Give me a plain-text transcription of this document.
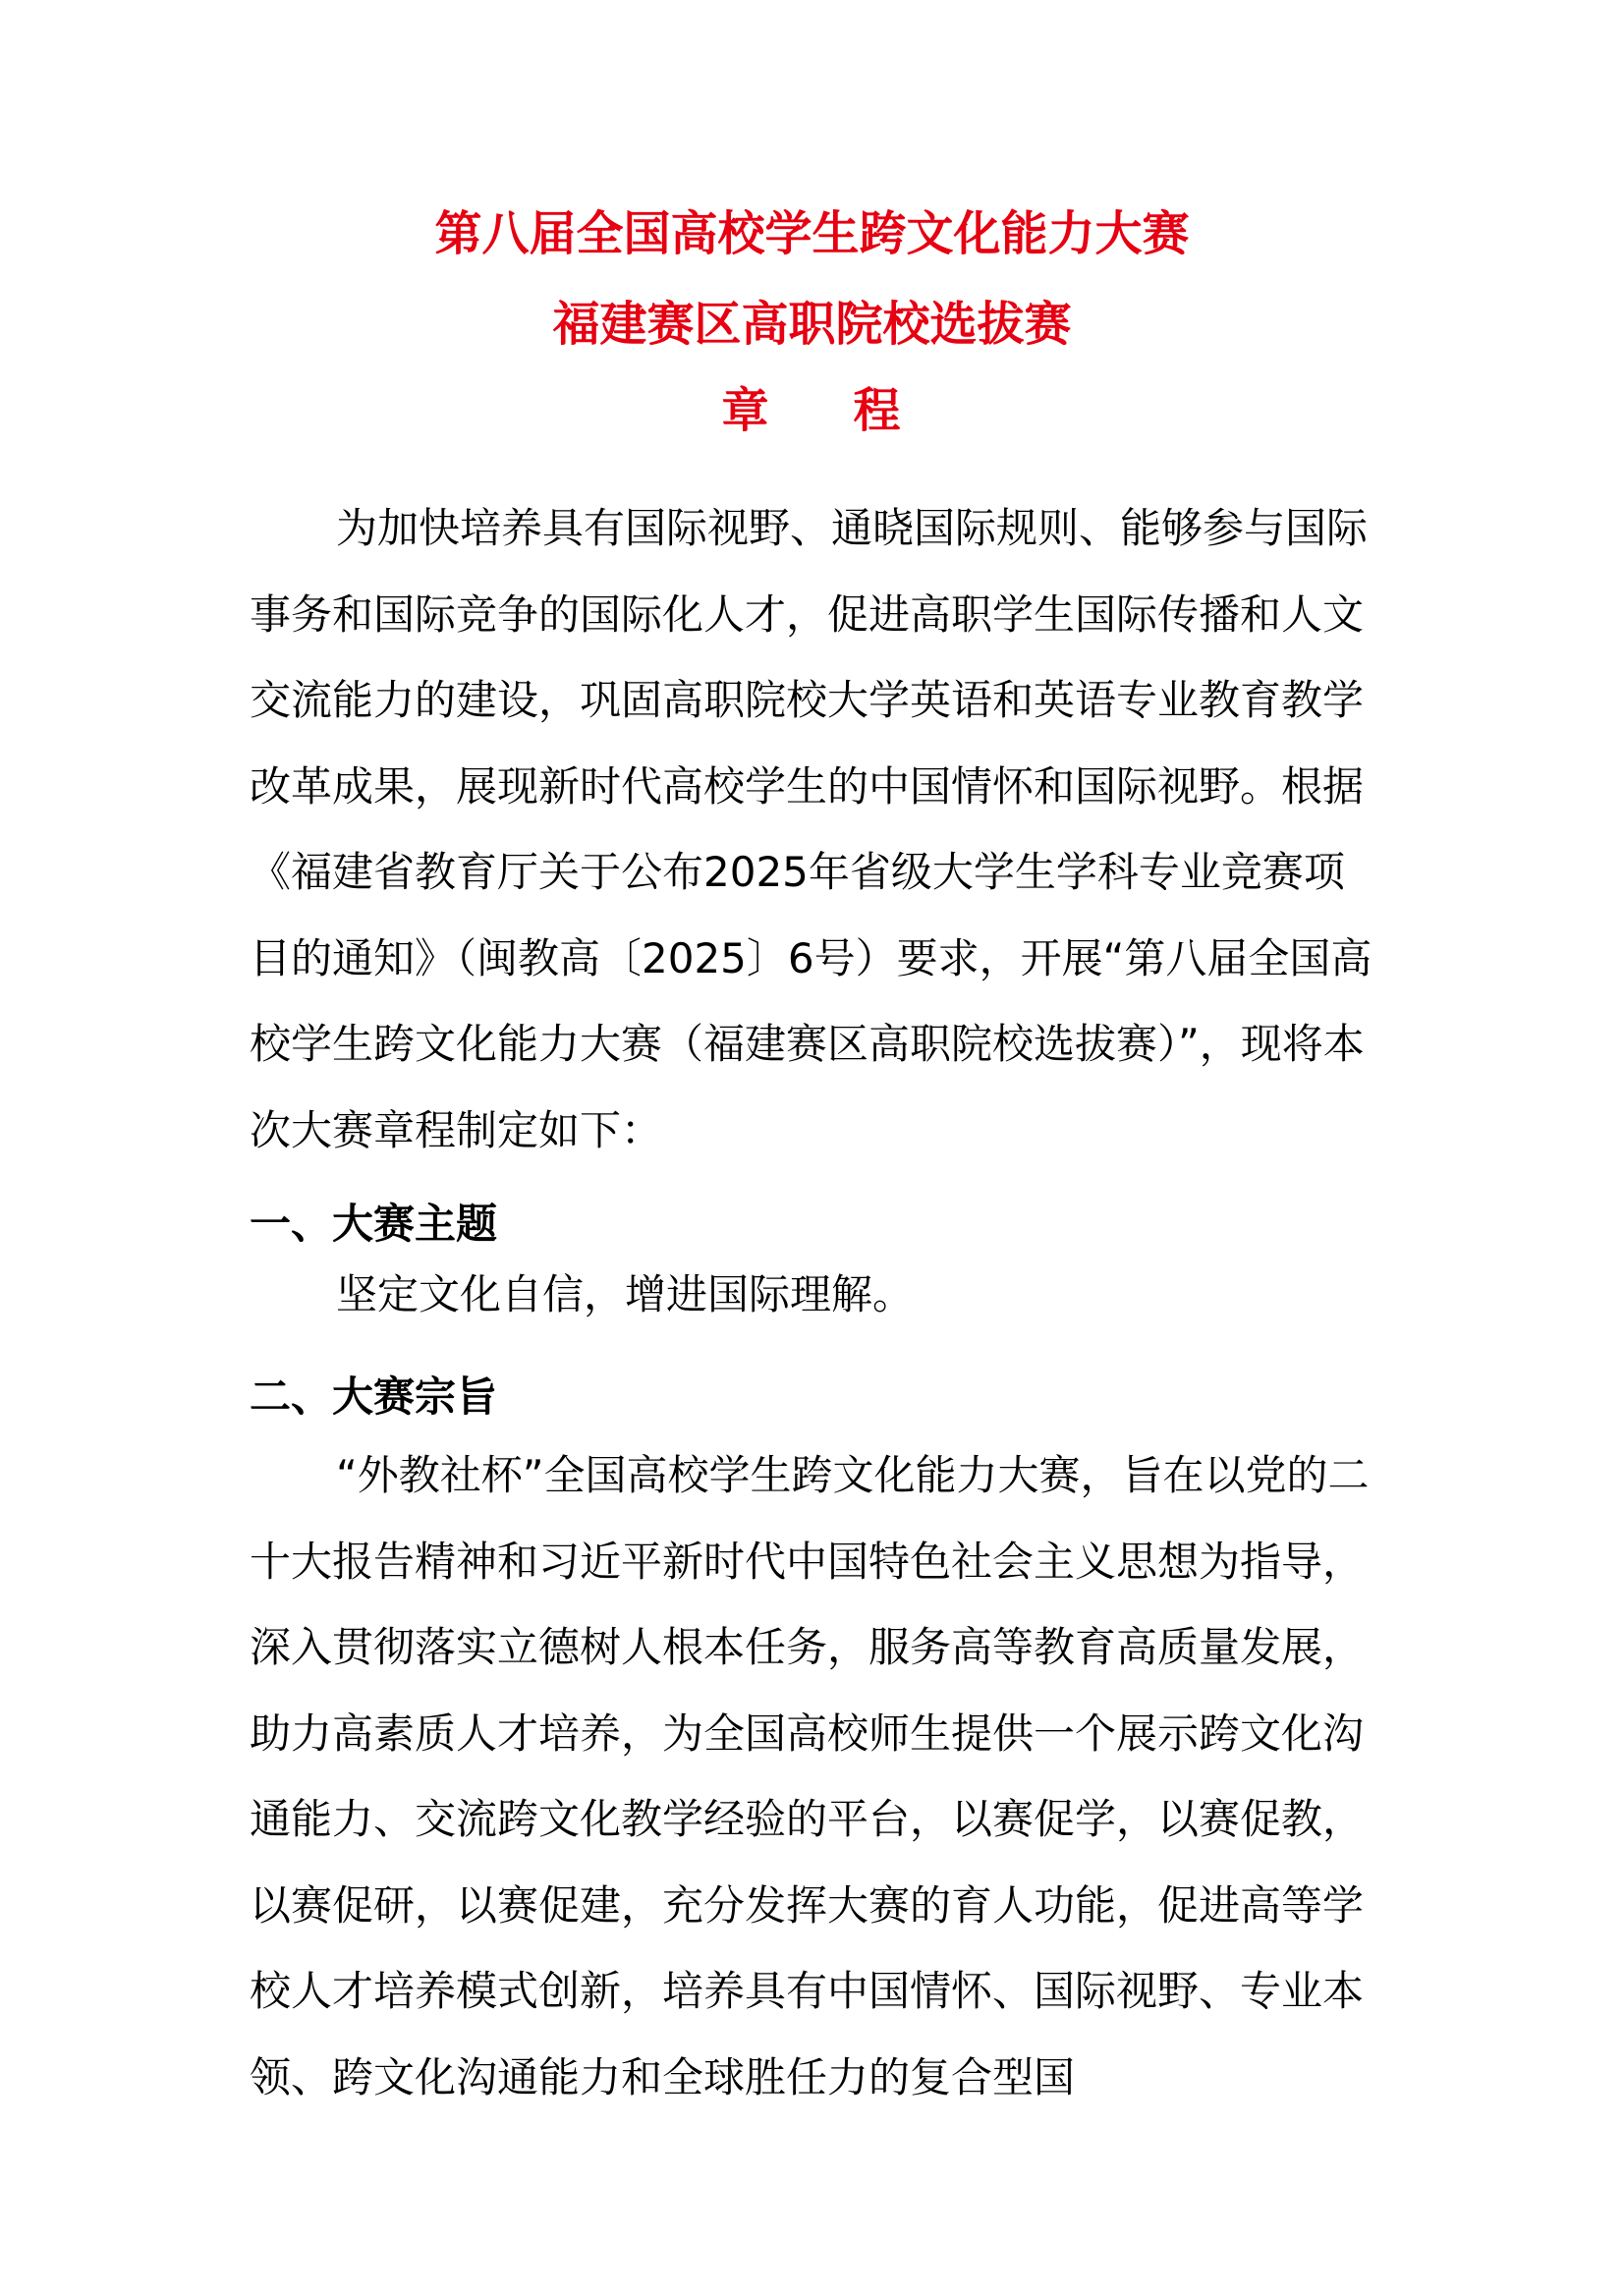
第八届全国高校学生跨文化能力大赛
福建赛区高职院校选拔赛
章 程

为加快培养具有国际视野、通晓国际规则、能够参与国际事务和国际竞争的国际化人才，促进高职学生国际传播和人文交流能力的建设，巩固高职院校大学英语和英语专业教育教学改革成果，展现新时代高校学生的中国情怀和国际视野。根据《福建省教育厅关于公布2025年省级大学生学科专业竞赛项目的通知》（闽教高〔2025〕6号）要求，开展“第八届全国高校学生跨文化能力大赛（福建赛区高职院校选拔赛）”，现将本次大赛章程制定如下：

一、大赛主题

坚定文化自信，增进国际理解。

二、大赛宗旨

“外教社杯”全国高校学生跨文化能力大赛，旨在以党的二十大报告精神和习近平新时代中国特色社会主义思想为指导，深入贯彻落实立德树人根本任务，服务高等教育高质量发展，助力高素质人才培养，为全国高校师生提供一个展示跨文化沟通能力、交流跨文化教学经验的平台，以赛促学，以赛促教，以赛促研，以赛促建，充分发挥大赛的育人功能，促进高等学校人才培养模式创新，培养具有中国情怀、国际视野、专业本领、跨文化沟通能力和全球胜任力的复合型国
